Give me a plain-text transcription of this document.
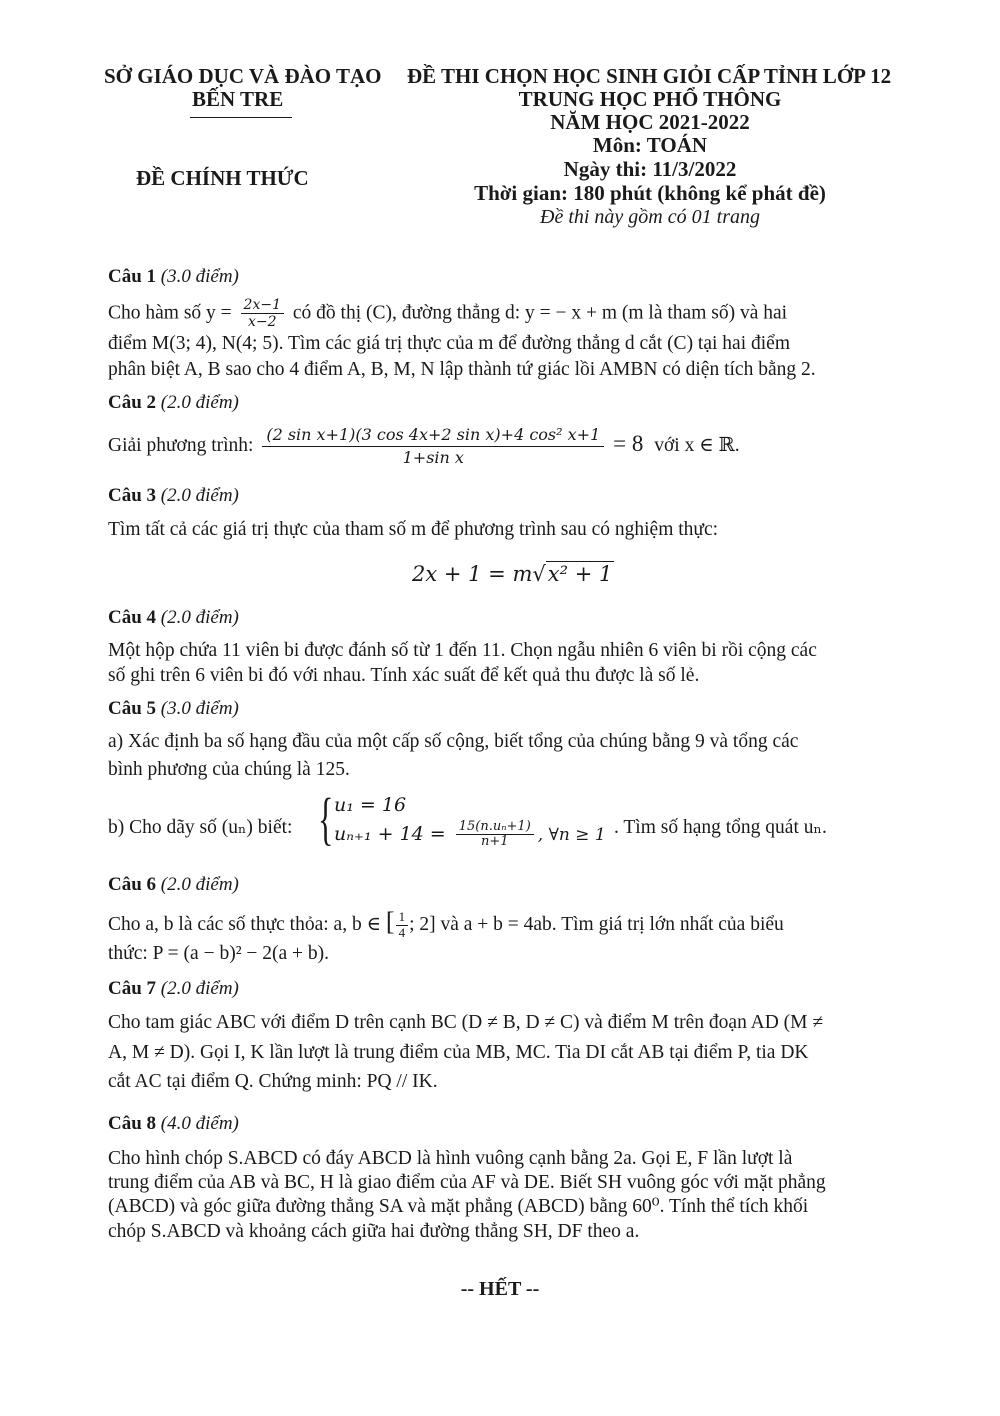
SỞ GIÁO DỤC VÀ ĐÀO TẠO
BẾN TRE
ĐỀ CHÍNH THỨC
ĐỀ THI CHỌN HỌC SINH GIỎI CẤP TỈNH LỚP 12
TRUNG HỌC PHỔ THÔNG
NĂM HỌC 2021-2022
Môn: TOÁN
Ngày thi: 11/3/2022
Thời gian: 180 phút (không kể phát đề)
Đề thi này gồm có 01 trang
Câu 1 (3.0 điểm)
Cho hàm số $y = \frac{2x-1}{x-2}$ có đồ thị (C), đường thẳng d: y = − x + m (m là tham số) và hai
điểm M(3; 4), N(4; 5). Tìm các giá trị thực của m để đường thẳng d cắt (C) tại hai điểm
phân biệt A, B sao cho 4 điểm A, B, M, N lập thành tứ giác lồi AMBN có diện tích bằng 2.
Câu 2 (2.0 điểm)
Giải phương trình: $\frac{\text{(2 sin x+1)(3 cos 4x+2 sin x)+4 cos² x+1}}{\text{1+sin x}} = 8$ với x ∈ ℝ.
Câu 3 (2.0 điểm)
Tìm tất cả các giá trị thực của tham số m để phương trình sau có nghiệm thực:
2x + 1 = m√x² + 1
Câu 4 (2.0 điểm)
Một hộp chứa 11 viên bi được đánh số từ 1 đến 11. Chọn ngẫu nhiên 6 viên bi rồi cộng các
số ghi trên 6 viên bi đó với nhau. Tính xác suất để kết quả thu được là số lẻ.
Câu 5 (3.0 điểm)
a) Xác định ba số hạng đầu của một cấp số cộng, biết tổng của chúng bằng 9 và tổng các
bình phương của chúng là 125.
b) Cho dãy số (uₙ) biết: { u₁ = 16
$u_{n+1} + 14 = \frac{\text{15(n.uₙ+1)}}{n+1}$ , ∀n ≥ 1 . Tìm số hạng tổng quát uₙ.
Câu 6 (2.0 điểm)
Cho a, b là các số thực thỏa: a, b ∈ [ $\frac{1}{4}$ ; 2] và a + b = 4ab. Tìm giá trị lớn nhất của biểu
thức: P = (a − b)² − 2(a + b).
Câu 7 (2.0 điểm)
Cho tam giác ABC với điểm D trên cạnh BC (D ≠ B, D ≠ C) và điểm M trên đoạn AD (M ≠
A, M ≠ D). Gọi I, K lần lượt là trung điểm của MB, MC. Tia DI cắt AB tại điểm P, tia DK
cắt AC tại điểm Q. Chứng minh: PQ // IK.
Câu 8 (4.0 điểm)
Cho hình chóp S.ABCD có đáy ABCD là hình vuông cạnh bằng 2a. Gọi E, F lần lượt là
trung điểm của AB và BC, H là giao điểm của AF và DE. Biết SH vuông góc với mặt phẳng
(ABCD) và góc giữa đường thẳng SA và mặt phẳng (ABCD) bằng 60⁰. Tính thể tích khối
chóp S.ABCD và khoảng cách giữa hai đường thẳng SH, DF theo a.
-- HẾT --
